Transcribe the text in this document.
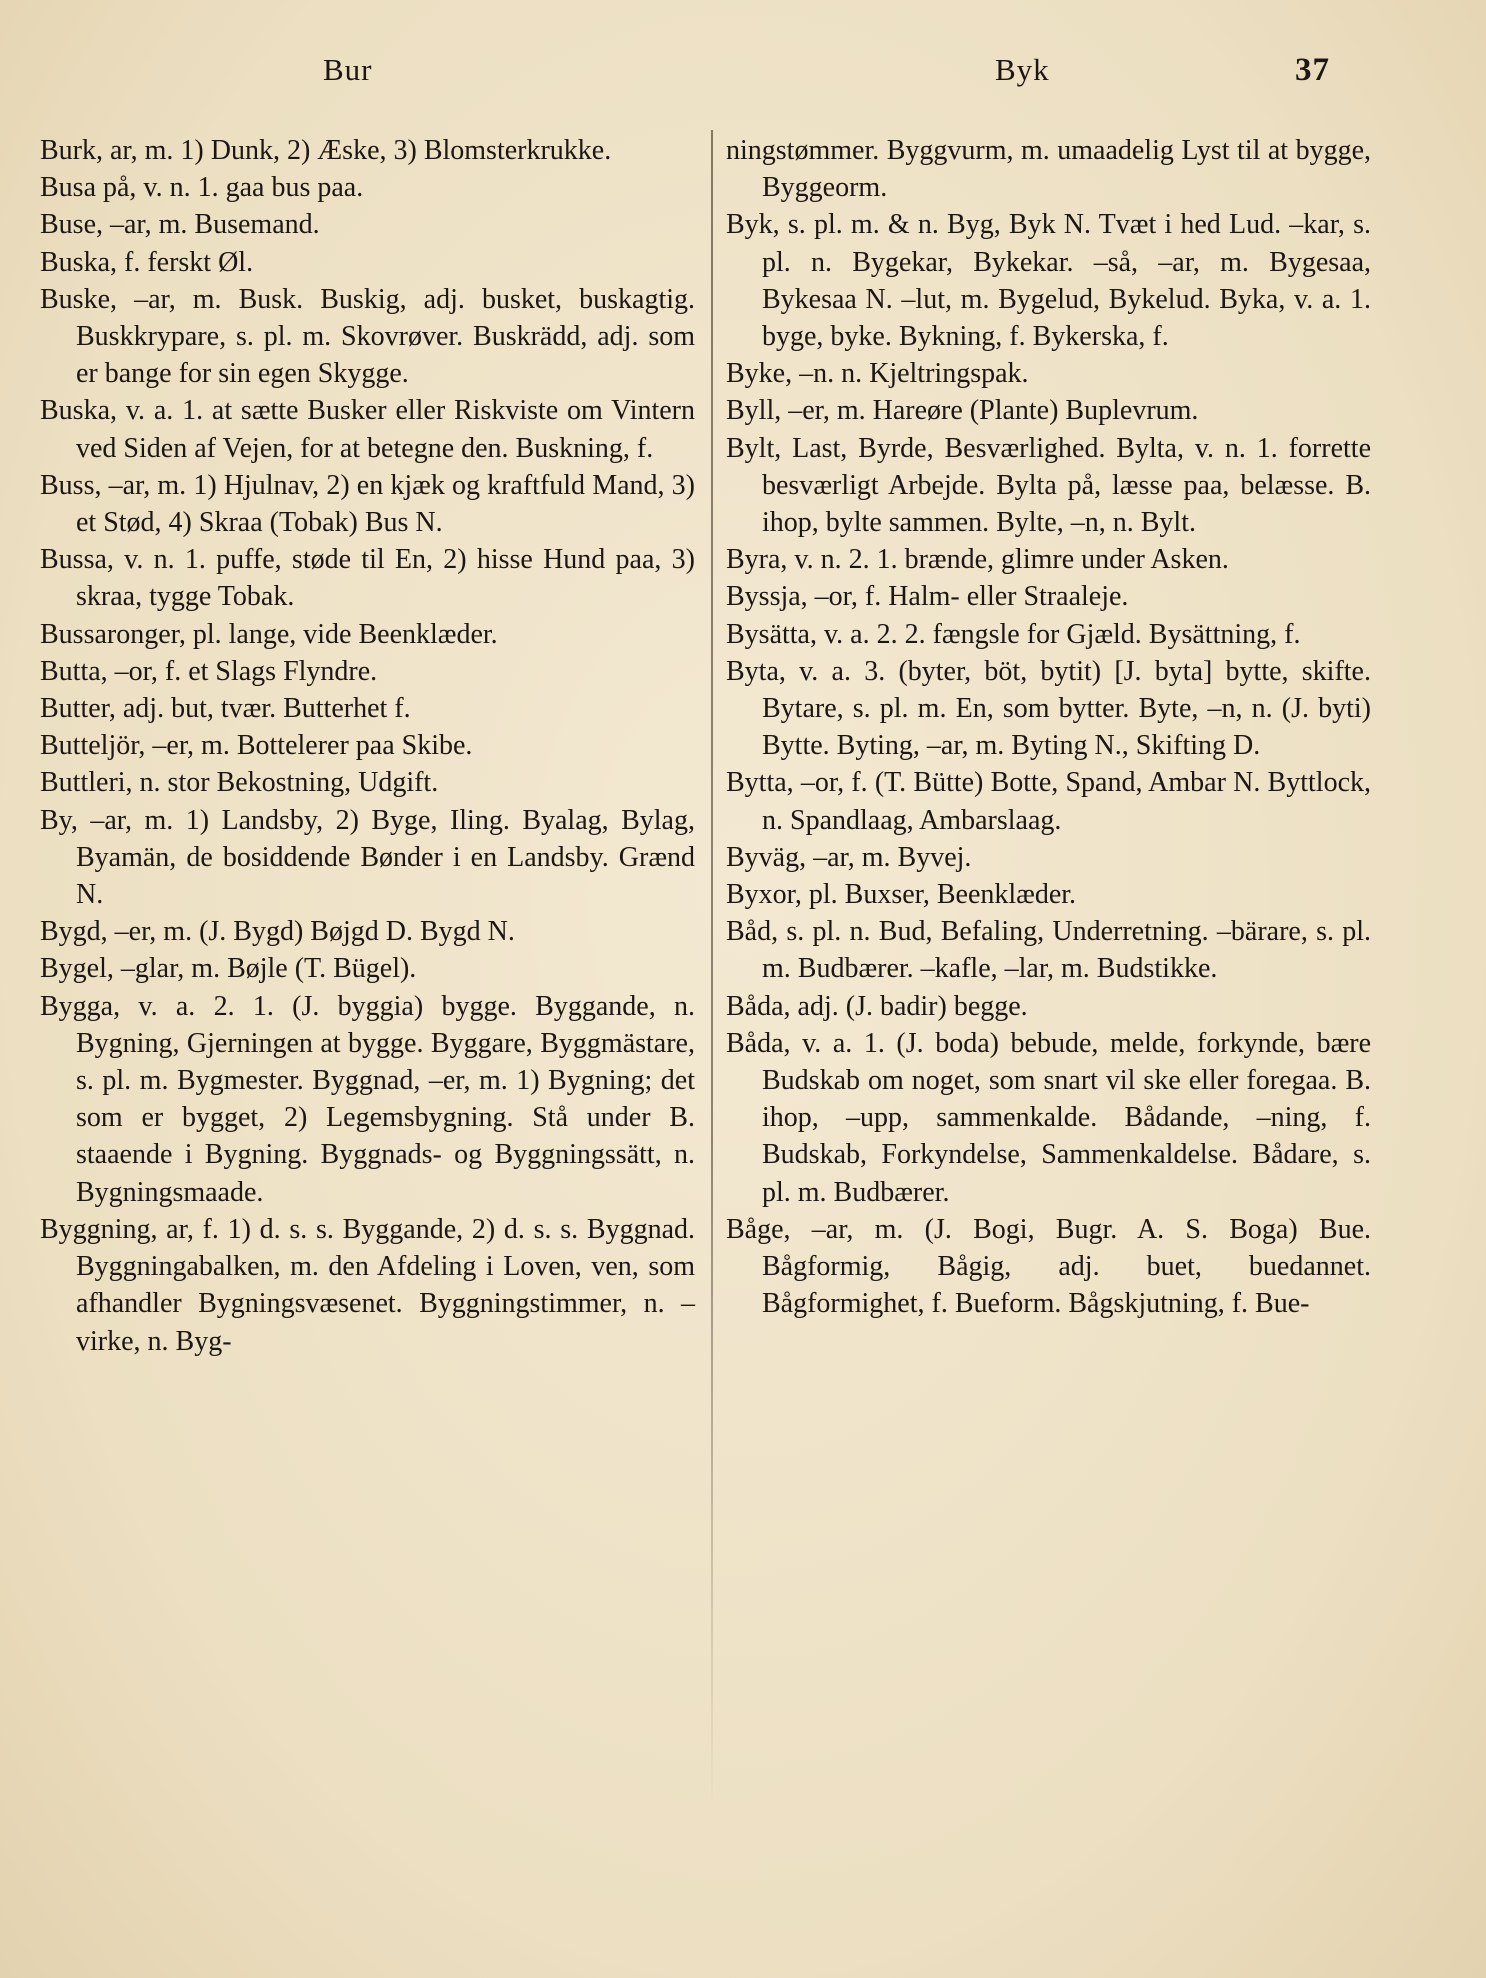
Bur	Byk	37

Burk, ar, m. 1) Dunk, 2) Æske, 3) Blomsterkrukke.

Busa på, v. n. 1. gaa bus paa.

Buse, –ar, m. Busemand.

Buska, f. ferskt Øl.

Buske, –ar, m. Busk. Buskig, adj. busket, buskagtig. Buskkrypare, s. pl. m. Skovrøver. Buskrädd, adj. som er bange for sin egen Skygge.

Buska, v. a. 1. at sætte Busker eller Riskviste om Vintern ved Siden af Vejen, for at betegne den. Buskning, f.

Buss, –ar, m. 1) Hjulnav, 2) en kjæk og kraftfuld Mand, 3) et Stød, 4) Skraa (Tobak) Bus N.

Bussa, v. n. 1. puffe, støde til En, 2) hisse Hund paa, 3) skraa, tygge Tobak.

Bussaronger, pl. lange, vide Beenklæder.

Butta, –or, f. et Slags Flyndre.

Butter, adj. but, tvær. Butterhet f.

Butteljör, –er, m. Bottelerer paa Skibe.

Buttleri, n. stor Bekostning, Udgift.

By, –ar, m. 1) Landsby, 2) Byge, Iling. Byalag, Bylag, Byamän, de bosiddende Bønder i en Landsby. Grænd N.

Bygd, –er, m. (J. Bygd) Bøjgd D. Bygd N.

Bygel, –glar, m. Bøjle (T. Bügel).

Bygga, v. a. 2. 1. (J. byggia) bygge. Byggande, n. Bygning, Gjerningen at bygge. Byggare, Byggmästare, s. pl. m. Bygmester. Byggnad, –er, m. 1) Bygning; det som er bygget, 2) Legemsbygning. Stå under B. staaende i Bygning. Byggnads- og Byggningssätt, n. Bygningsmaade.

Byggning, ar, f. 1) d. s. s. Byggande, 2) d. s. s. Byggnad. Byggningabalken, m. den Afdeling i Loven, ven, som afhandler Bygningsvæsenet. Byggningstimmer, n. –virke, n. Byg-

ningstømmer. Byggvurm, m. umaadelig Lyst til at bygge, Byggeorm.

Byk, s. pl. m. & n. Byg, Byk N. Tvæt i hed Lud. –kar, s. pl. n. Bygekar, Bykekar. –så, –ar, m. Bygesaa, Bykesaa N. –lut, m. Bygelud, Bykelud. Byka, v. a. 1. byge, byke. Bykning, f. Bykerska, f.

Byke, –n. n. Kjeltringspak.

Byll, –er, m. Hareøre (Plante) Buplevrum.

Bylt, Last, Byrde, Besværlighed. Bylta, v. n. 1. forrette besværligt Arbejde. Bylta på, læsse paa, belæsse. B. ihop, bylte sammen. Bylte, –n, n. Bylt.

Byra, v. n. 2. 1. brænde, glimre under Asken.

Byssja, –or, f. Halm- eller Straaleje.

Bysätta, v. a. 2. 2. fængsle for Gjæld. Bysättning, f.

Byta, v. a. 3. (byter, böt, bytit) [J. byta] bytte, skifte. Bytare, s. pl. m. En, som bytter. Byte, –n, n. (J. byti) Bytte. Byting, –ar, m. Byting N., Skifting D.

Bytta, –or, f. (T. Bütte) Botte, Spand, Ambar N. Byttlock, n. Spandlaag, Ambarslaag.

Byväg, –ar, m. Byvej.

Byxor, pl. Buxser, Beenklæder.

Båd, s. pl. n. Bud, Befaling, Underretning. –bärare, s. pl. m. Budbærer. –kafle, –lar, m. Budstikke.

Båda, adj. (J. badir) begge.

Båda, v. a. 1. (J. boda) bebude, melde, forkynde, bære Budskab om noget, som snart vil ske eller foregaa. B. ihop, –upp, sammenkalde. Bådande, –ning, f. Budskab, Forkyndelse, Sammenkaldelse. Bådare, s. pl. m. Budbærer.

Båge, –ar, m. (J. Bogi, Bugr. A. S. Boga) Bue. Bågformig, Bågig, adj. buet, buedannet. Bågformighet, f. Bueform. Bågskjutning, f. Bue-
